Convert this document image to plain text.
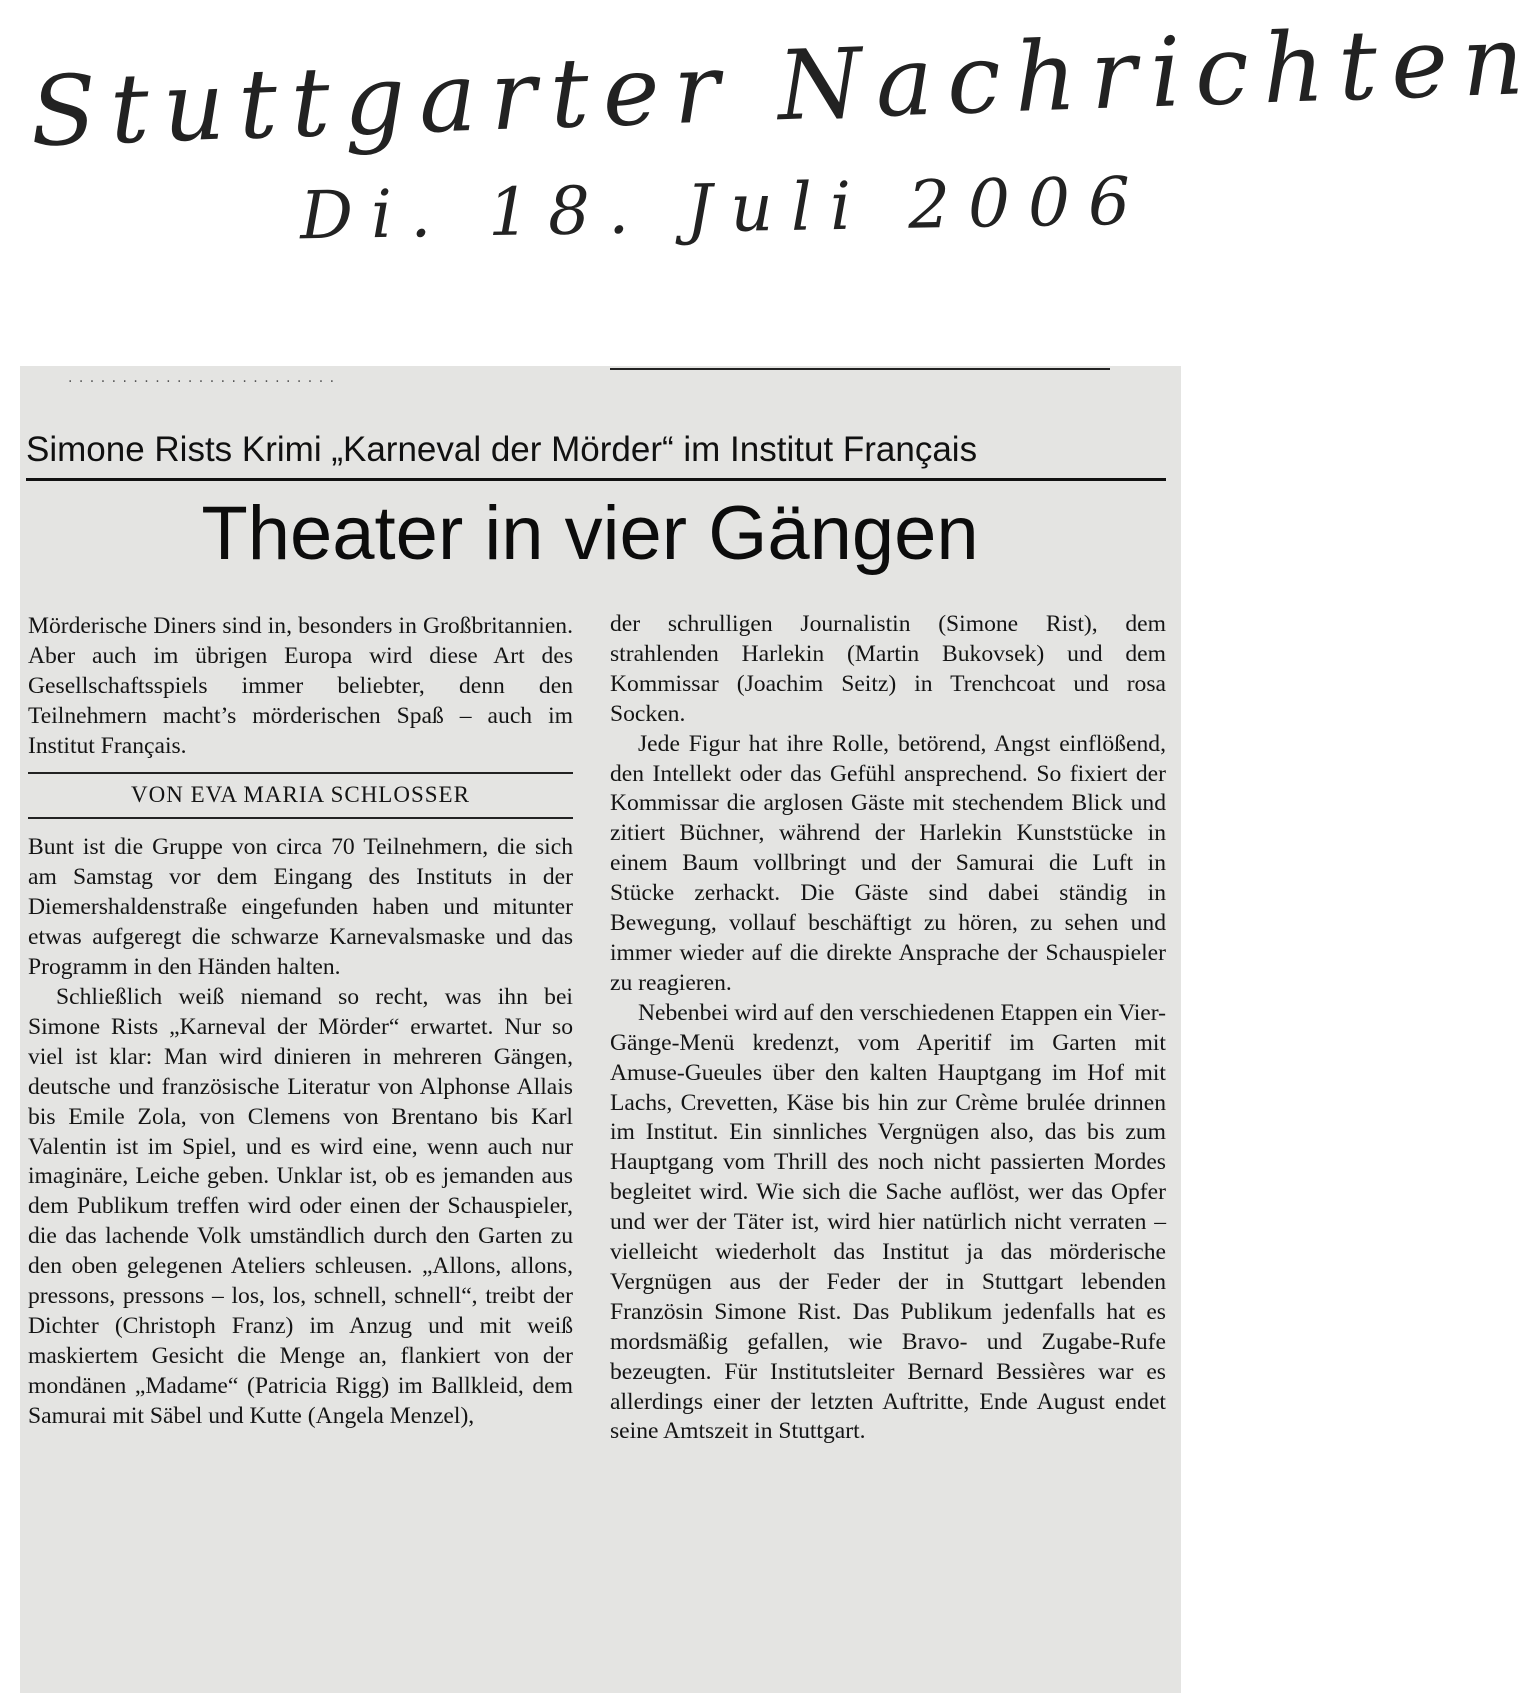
Stuttgarter Nachrichten
Di. 18. Juli 2006
· · · · · · · · · · · · · · · · · · · · · · · · ·
Simone Rists Krimi „Karneval der Mörder“ im Institut Français
Theater in vier Gängen

Mörderische Diners sind in, besonders in Großbritannien. Aber auch im übrigen Europa wird diese Art des Gesellschaftsspiels immer beliebter, denn den Teilnehmern macht’s mörderischen Spaß – auch im Institut Français.

VON EVA MARIA SCHLOSSER

Bunt ist die Gruppe von circa 70 Teilnehmern, die sich am Samstag vor dem Eingang des Instituts in der Diemershaldenstraße eingefunden haben und mitunter etwas aufgeregt die schwarze Karnevalsmaske und das Programm in den Händen halten.

Schließlich weiß niemand so recht, was ihn bei Simone Rists „Karneval der Mörder“ erwartet. Nur so viel ist klar: Man wird dinieren in mehreren Gängen, deutsche und französische Literatur von Alphonse Allais bis Emile Zola, von Clemens von Brentano bis Karl Valentin ist im Spiel, und es wird eine, wenn auch nur imaginäre, Leiche geben. Unklar ist, ob es jemanden aus dem Publikum treffen wird oder einen der Schauspieler, die das lachende Volk umständlich durch den Garten zu den oben gelegenen Ateliers schleusen. „Allons, allons, pressons, pressons – los, los, schnell, schnell“, treibt der Dichter (Christoph Franz) im Anzug und mit weiß maskiertem Gesicht die Menge an, flankiert von der mondänen „Madame“ (Patricia Rigg) im Ballkleid, dem Samurai mit Säbel und Kutte (Angela Menzel),

der schrulligen Journalistin (Simone Rist), dem strahlenden Harlekin (Martin Bukovsek) und dem Kommissar (Joachim Seitz) in Trenchcoat und rosa Socken.

Jede Figur hat ihre Rolle, betörend, Angst einflößend, den Intellekt oder das Gefühl ansprechend. So fixiert der Kommissar die arglosen Gäste mit stechendem Blick und zitiert Büchner, während der Harlekin Kunststücke in einem Baum vollbringt und der Samurai die Luft in Stücke zerhackt. Die Gäste sind dabei ständig in Bewegung, vollauf beschäftigt zu hören, zu sehen und immer wieder auf die direkte Ansprache der Schauspieler zu reagieren.

Nebenbei wird auf den verschiedenen Etappen ein Vier-Gänge-Menü kredenzt, vom Aperitif im Garten mit Amuse-Gueules über den kalten Hauptgang im Hof mit Lachs, Crevetten, Käse bis hin zur Crème brulée drinnen im Institut. Ein sinnliches Vergnügen also, das bis zum Hauptgang vom Thrill des noch nicht passierten Mordes begleitet wird. Wie sich die Sache auflöst, wer das Opfer und wer der Täter ist, wird hier natürlich nicht verraten – vielleicht wiederholt das Institut ja das mörderische Vergnügen aus der Feder der in Stuttgart lebenden Französin Simone Rist. Das Publikum jedenfalls hat es mordsmäßig gefallen, wie Bravo- und Zugabe-Rufe bezeugten. Für Institutsleiter Bernard Bessières war es allerdings einer der letzten Auftritte, Ende August endet seine Amtszeit in Stuttgart.
